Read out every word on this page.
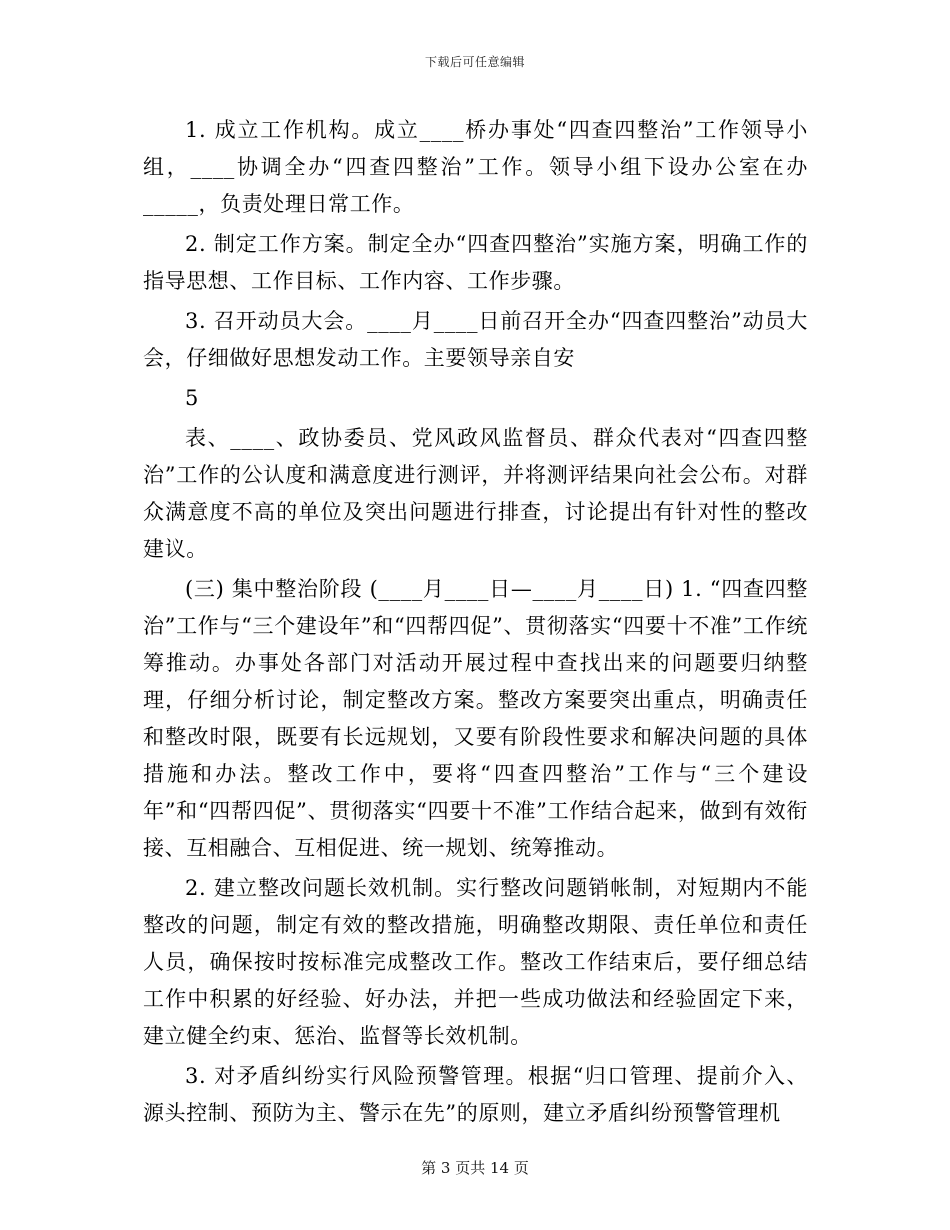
下载后可任意编辑

1. 成立工作机构。成立____桥办事处“四查四整治”工作领导小组，____协调全办“四查四整治”工作。领导小组下设办公室在办_____，负责处理日常工作。

2. 制定工作方案。制定全办“四查四整治”实施方案，明确工作的指导思想、工作目标、工作内容、工作步骤。

3. 召开动员大会。____月____日前召开全办“四查四整治”动员大会，仔细做好思想发动工作。主要领导亲自安

5

表、____、政协委员、党风政风监督员、群众代表对“四查四整治”工作的公认度和满意度进行测评，并将测评结果向社会公布。对群众满意度不高的单位及突出问题进行排查，讨论提出有针对性的整改建议。

(三) 集中整治阶段 (____月____日—____月____日) 1. “四查四整治”工作与“三个建设年”和“四帮四促”、贯彻落实“四要十不准”工作统筹推动。办事处各部门对活动开展过程中查找出来的问题要归纳整理，仔细分析讨论，制定整改方案。整改方案要突出重点，明确责任和整改时限，既要有长远规划，又要有阶段性要求和解决问题的具体措施和办法。整改工作中，要将“四查四整治”工作与“三个建设年”和“四帮四促”、贯彻落实“四要十不准”工作结合起来，做到有效衔接、互相融合、互相促进、统一规划、统筹推动。

2. 建立整改问题长效机制。实行整改问题销帐制，对短期内不能整改的问题，制定有效的整改措施，明确整改期限、责任单位和责任人员，确保按时按标准完成整改工作。整改工作结束后，要仔细总结工作中积累的好经验、好办法，并把一些成功做法和经验固定下来，建立健全约束、惩治、监督等长效机制。

3. 对矛盾纠纷实行风险预警管理。根据“归口管理、提前介入、源头控制、预防为主、警示在先”的原则，建立矛盾纠纷预警管理机

第 3 页共 14 页
